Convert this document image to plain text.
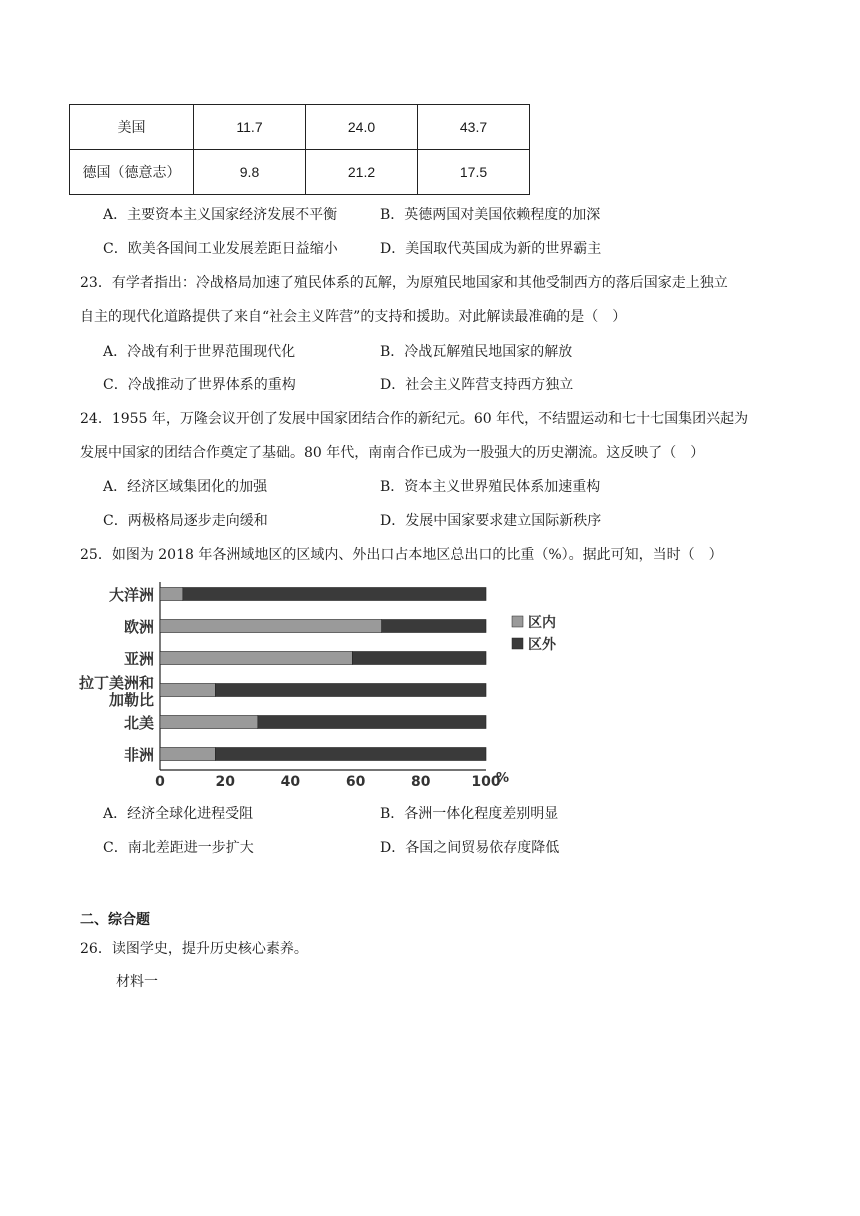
美国	11.7	24.0	43.7
德国（德意志）	9.8	21.2	17.5
A．主要资本主义国家经济发展不平衡	B．英德两国对美国依赖程度的加深
C．欧美各国间工业发展差距日益缩小	D．美国取代英国成为新的世界霸主
23．有学者指出：冷战格局加速了殖民体系的瓦解，为原殖民地国家和其他受制西方的落后国家走上独立
自主的现代化道路提供了来自“社会主义阵营”的支持和援助。对此解读最准确的是（　）
A．冷战有利于世界范围现代化	B．冷战瓦解殖民地国家的解放
C．冷战推动了世界体系的重构	D．社会主义阵营支持西方独立
24．1955 年，万隆会议开创了发展中国家团结合作的新纪元。60 年代，不结盟运动和七十七国集团兴起为
发展中国家的团结合作奠定了基础。80 年代，南南合作已成为一股强大的历史潮流。这反映了（　）
A．经济区域集团化的加强	B．资本主义世界殖民体系加速重构
C．两极格局逐步走向缓和	D．发展中国家要求建立国际新秩序
25．如图为 2018 年各洲域地区的区域内、外出口占本地区总出口的比重（%）。据此可知，当时（　）
大洋洲
欧洲
亚洲
拉丁美洲和
加勒比
北美
非洲
0	20	40	60	80	100
%
区内
区外
A．经济全球化进程受阻	B．各洲一体化程度差别明显
C．南北差距进一步扩大	D．各国之间贸易依存度降低
二、综合题
26．读图学史，提升历史核心素养。
材料一
